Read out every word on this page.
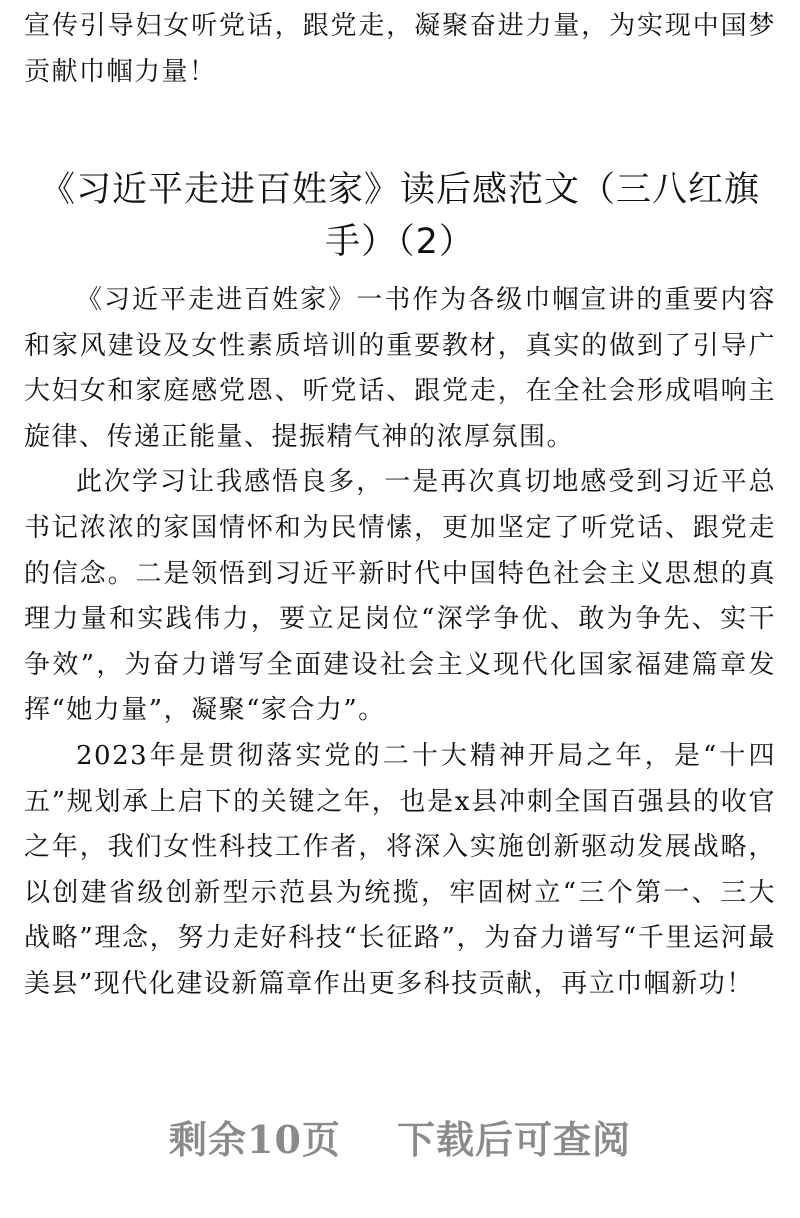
宣传引导妇女听党话，跟党走，凝聚奋进力量，为实现中国梦贡献巾帼力量！

《习近平走进百姓家》读后感范文（三八红旗手）（2）

《习近平走进百姓家》一书作为各级巾帼宣讲的重要内容和家风建设及女性素质培训的重要教材，真实的做到了引导广大妇女和家庭感党恩、听党话、跟党走，在全社会形成唱响主旋律、传递正能量、提振精气神的浓厚氛围。

此次学习让我感悟良多，一是再次真切地感受到习近平总书记浓浓的家国情怀和为民情愫，更加坚定了听党话、跟党走的信念。二是领悟到习近平新时代中国特色社会主义思想的真理力量和实践伟力，要立足岗位“深学争优、敢为争先、实干争效”，为奋力谱写全面建设社会主义现代化国家福建篇章发挥“她力量”，凝聚“家合力”。

2023年是贯彻落实党的二十大精神开局之年，是“十四五”规划承上启下的关键之年，也是x县冲刺全国百强县的收官之年，我们女性科技工作者，将深入实施创新驱动发展战略，以创建省级创新型示范县为统揽，牢固树立“三个第一、三大战略”理念，努力走好科技“长征路”，为奋力谱写“千里运河最美县”现代化建设新篇章作出更多科技贡献，再立巾帼新功！

剩余10页 下载后可查阅
